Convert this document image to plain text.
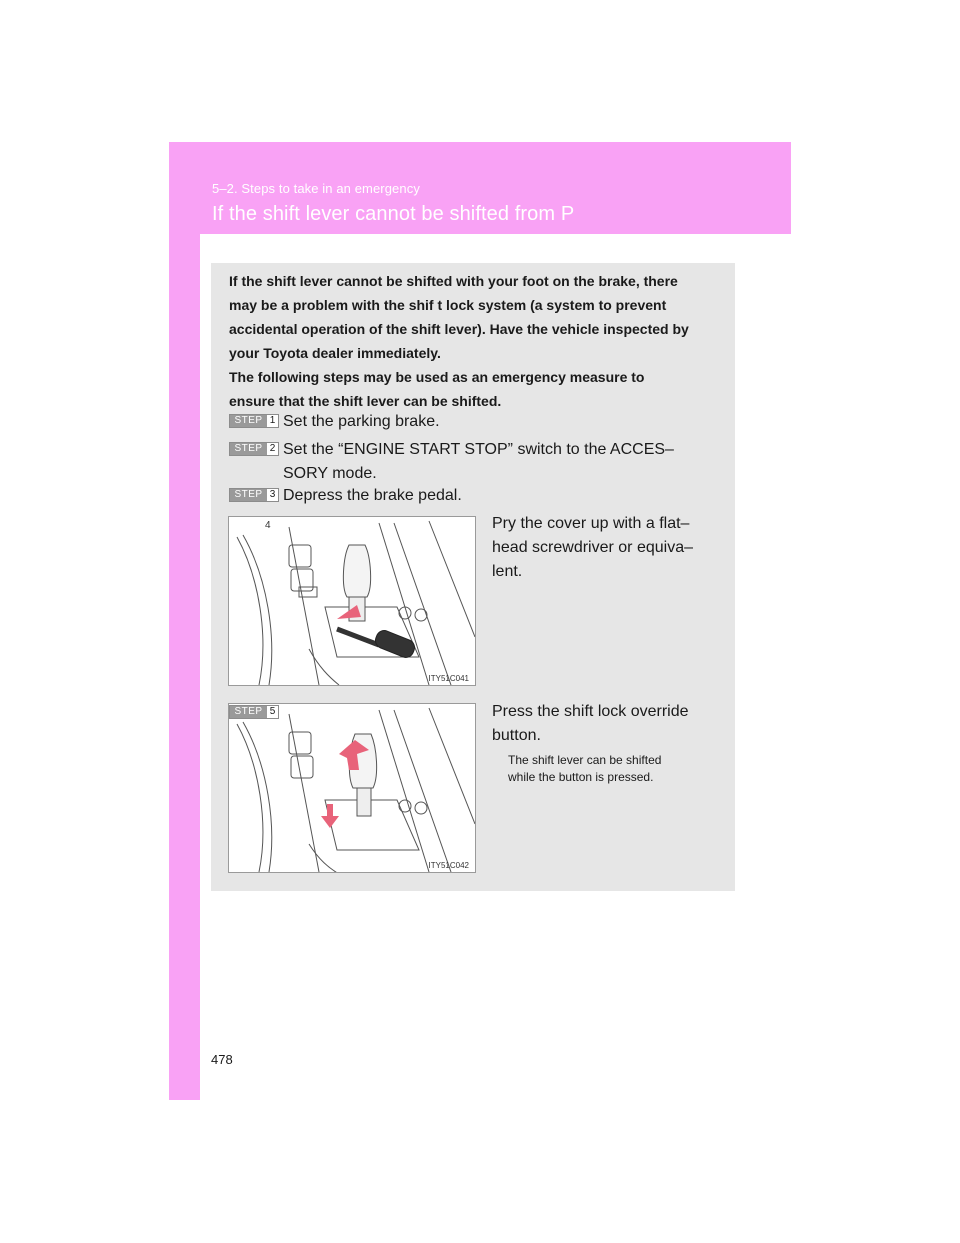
5‒2. Steps to take in an emergency
If the shift lever cannot be shifted from P

If the shift lever cannot be shifted with your foot on the brake, there

may be a problem with the shif t lock system (a system to prevent

accidental operation of the shift lever). Have the vehicle inspected by

your Toyota dealer immediately.

The following steps may be used as an emergency measure to

ensure that the shift lever can be shifted.

STEP 1 Set the parking brake.
STEP 2 Set the “ENGINE START STOP” switch to the ACCES‒
SORY mode.
STEP 3 Depress the brake pedal.
4
ITY51C041
Pry the cover up with a flat‒
head screwdriver or equiva‒
lent.
ITY51C042
STEP 5	Press the shift lock override
button.
The shift lever can be shifted
while the button is pressed.
478
